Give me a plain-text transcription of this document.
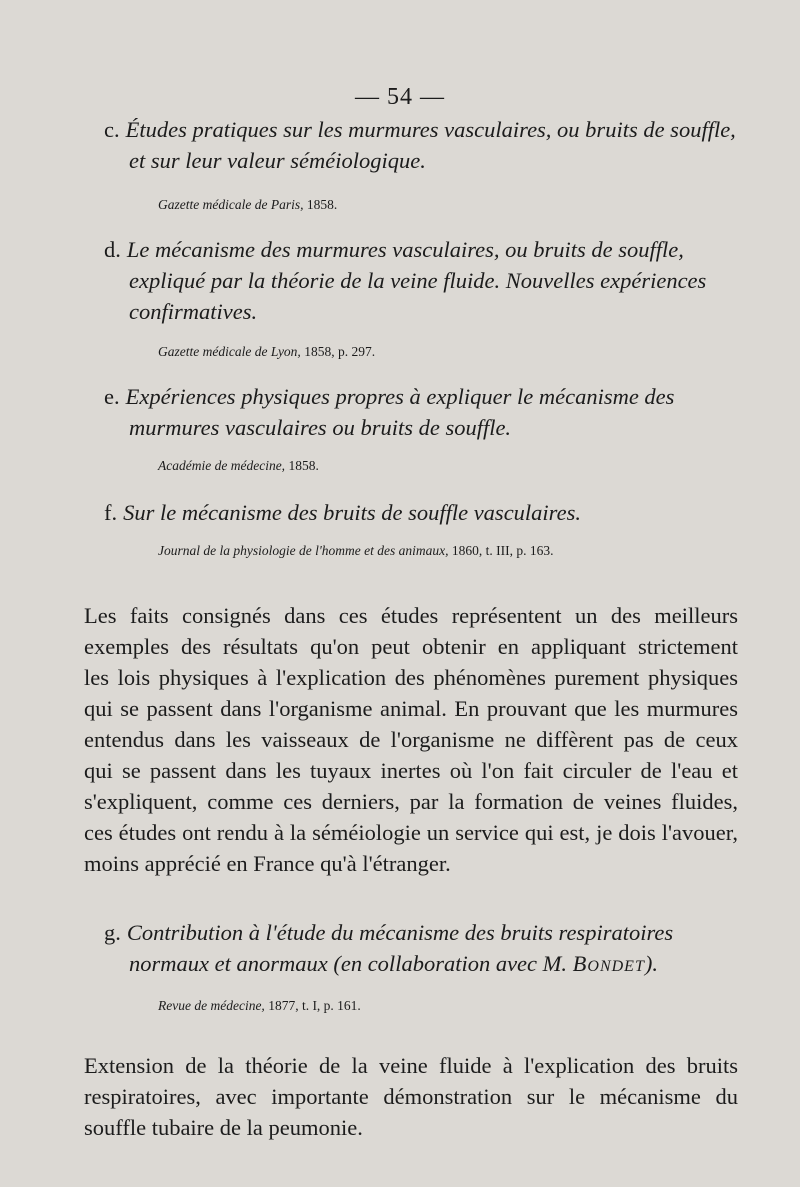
— 54 —

c. Études pratiques sur les murmures vasculaires, ou bruits de souffle, et sur leur valeur séméiologique.

Gazette médicale de Paris, 1858.

d. Le mécanisme des murmures vasculaires, ou bruits de souffle, expliqué par la théorie de la veine fluide. Nouvelles expériences confirmatives.

Gazette médicale de Lyon, 1858, p. 297.

e. Expériences physiques propres à expliquer le mécanisme des murmures vasculaires ou bruits de souffle.

Académie de médecine, 1858.

f. Sur le mécanisme des bruits de souffle vasculaires.

Journal de la physiologie de l'homme et des animaux, 1860, t. III, p. 163.

Les faits consignés dans ces études représentent un des meilleurs
exemples des résultats qu'on peut obtenir en appliquant strictement
les lois physiques à l'explication des phénomènes purement physiques
qui se passent dans l'organisme animal. En prouvant que les murmures
entendus dans les vaisseaux de l'organisme ne diffèrent pas de ceux
qui se passent dans les tuyaux inertes où l'on fait circuler de l'eau et
s'expliquent, comme ces derniers, par la formation de veines fluides,
ces études ont rendu à la séméiologie un service qui est, je dois l'avouer,
moins apprécié en France qu'à l'étranger.

g. Contribution à l'étude du mécanisme des bruits respiratoires normaux et anormaux (en collaboration avec M. Bondet).

Revue de médecine, 1877, t. I, p. 161.

Extension de la théorie de la veine fluide à l'explication des bruits
respiratoires, avec importante démonstration sur le mécanisme du
souffle tubaire de la peumonie.
